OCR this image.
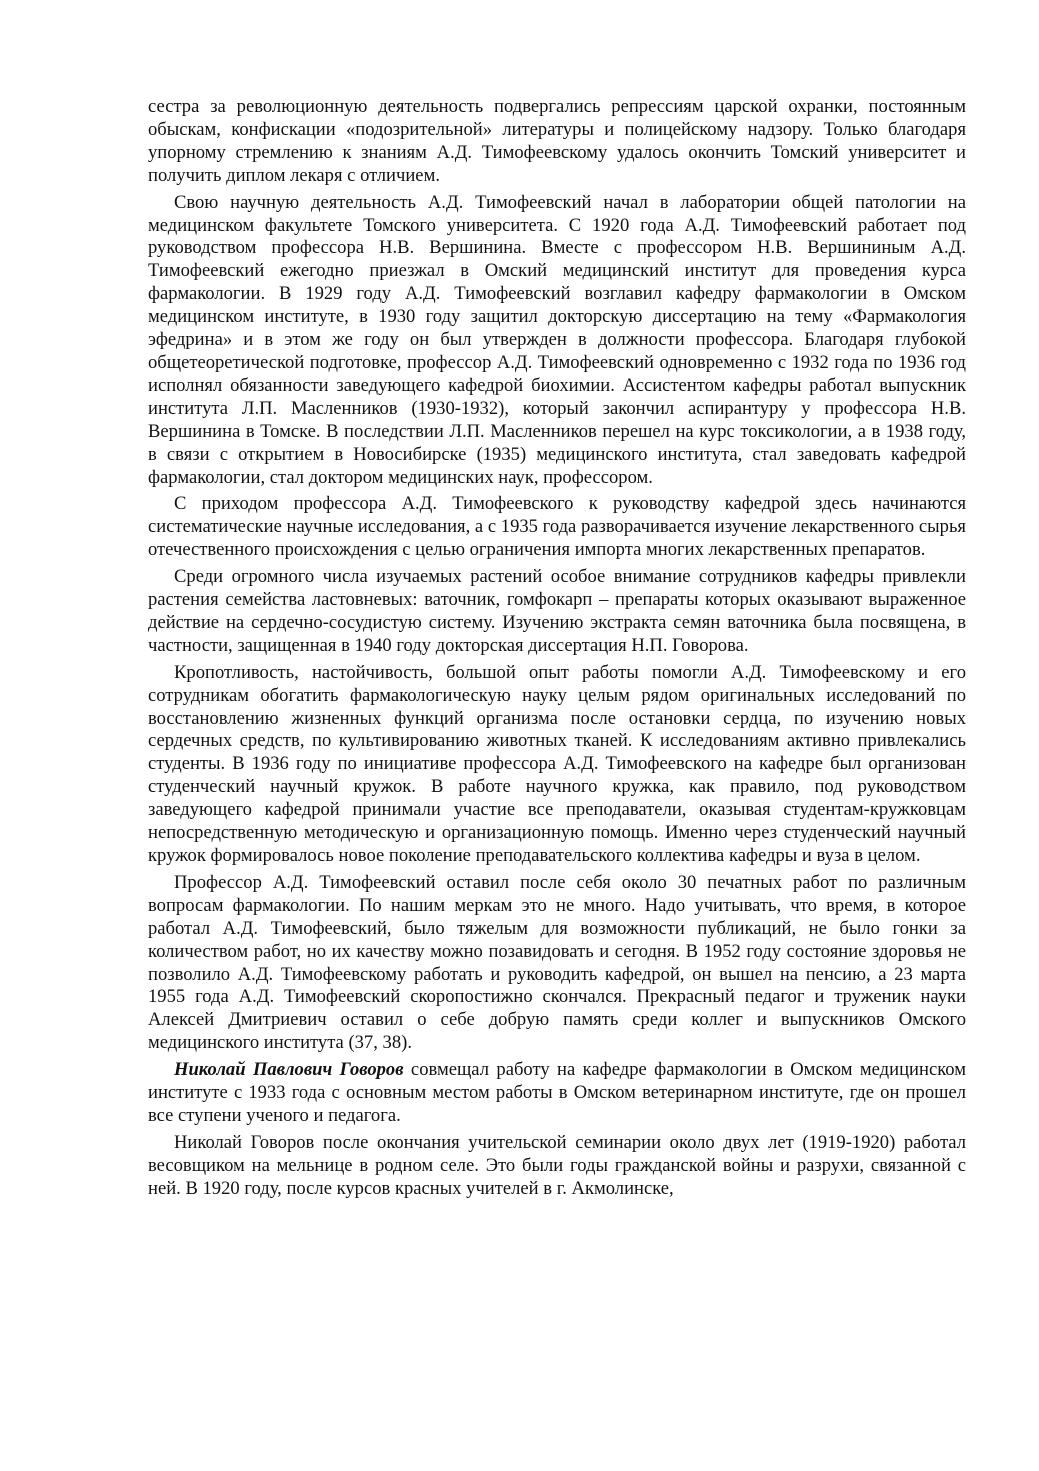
сестра за революционную деятельность подвергались репрессиям царской охранки, постоянным обыскам, конфискации «подозрительной» литературы и полицейскому надзору. Только благодаря упорному стремлению к знаниям А.Д. Тимофеевскому удалось окончить Томский университет и получить диплом лекаря с отличием.

Свою научную деятельность А.Д. Тимофеевский начал в лаборатории общей патологии на медицинском факультете Томского университета. С 1920 года А.Д. Тимофеевский работает под руководством профессора Н.В. Вершинина. Вместе с профессором Н.В. Вершининым А.Д. Тимофеевский ежегодно приезжал в Омский медицинский институт для проведения курса фармакологии. В 1929 году А.Д. Тимофеевский возглавил кафедру фармакологии в Омском медицинском институте, в 1930 году защитил докторскую диссертацию на тему «Фармакология эфедрина» и в этом же году он был утвержден в должности профессора. Благодаря глубокой общетеоретической подготовке, профессор А.Д. Тимофеевский одновременно с 1932 года по 1936 год исполнял обязанности заведующего кафедрой биохимии. Ассистентом кафедры работал выпускник института Л.П. Масленников (1930-1932), который закончил аспирантуру у профессора Н.В. Вершинина в Томске. В последствии Л.П. Масленников перешел на курс токсикологии, а в 1938 году, в связи с открытием в Новосибирске (1935) медицинского института, стал заведовать кафедрой фармакологии, стал доктором медицинских наук, профессором.

С приходом профессора А.Д. Тимофеевского к руководству кафедрой здесь начинаются систематические научные исследования, а с 1935 года разворачивается изучение лекарственного сырья отечественного происхождения с целью ограничения импорта многих лекарственных препаратов.

Среди огромного числа изучаемых растений особое внимание сотрудников кафедры привлекли растения семейства ластовневых: ваточник, гомфокарп – препараты которых оказывают выраженное действие на сердечно-сосудистую систему. Изучению экстракта семян ваточника была посвящена, в частности, защищенная в 1940 году докторская диссертация Н.П. Говорова.

Кропотливость, настойчивость, большой опыт работы помогли А.Д. Тимофеевскому и его сотрудникам обогатить фармакологическую науку целым рядом оригинальных исследований по восстановлению жизненных функций организма после остановки сердца, по изучению новых сердечных средств, по культивированию животных тканей. К исследованиям активно привлекались студенты. В 1936 году по инициативе профессора А.Д. Тимофеевского на кафедре был организован студенческий научный кружок. В работе научного кружка, как правило, под руководством заведующего кафедрой принимали участие все преподаватели, оказывая студентам-кружковцам непосредственную методическую и организационную помощь. Именно через студенческий научный кружок формировалось новое поколение преподавательского коллектива кафедры и вуза в целом.

Профессор А.Д. Тимофеевский оставил после себя около 30 печатных работ по различным вопросам фармакологии. По нашим меркам это не много. Надо учитывать, что время, в которое работал А.Д. Тимофеевский, было тяжелым для возможности публикаций, не было гонки за количеством работ, но их качеству можно позавидовать и сегодня. В 1952 году состояние здоровья не позволило А.Д. Тимофеевскому работать и руководить кафедрой, он вышел на пенсию, а 23 марта 1955 года А.Д. Тимофеевский скоропостижно скончался. Прекрасный педагог и труженик науки Алексей Дмитриевич оставил о себе добрую память среди коллег и выпускников Омского медицинского института (37, 38).

Николай Павлович Говоров совмещал работу на кафедре фармакологии в Омском медицинском институте с 1933 года с основным местом работы в Омском ветеринарном институте, где он прошел все ступени ученого и педагога.

Николай Говоров после окончания учительской семинарии около двух лет (1919-1920) работал весовщиком на мельнице в родном селе. Это были годы гражданской войны и разрухи, связанной с ней. В 1920 году, после курсов красных учителей в г. Акмолинске,
